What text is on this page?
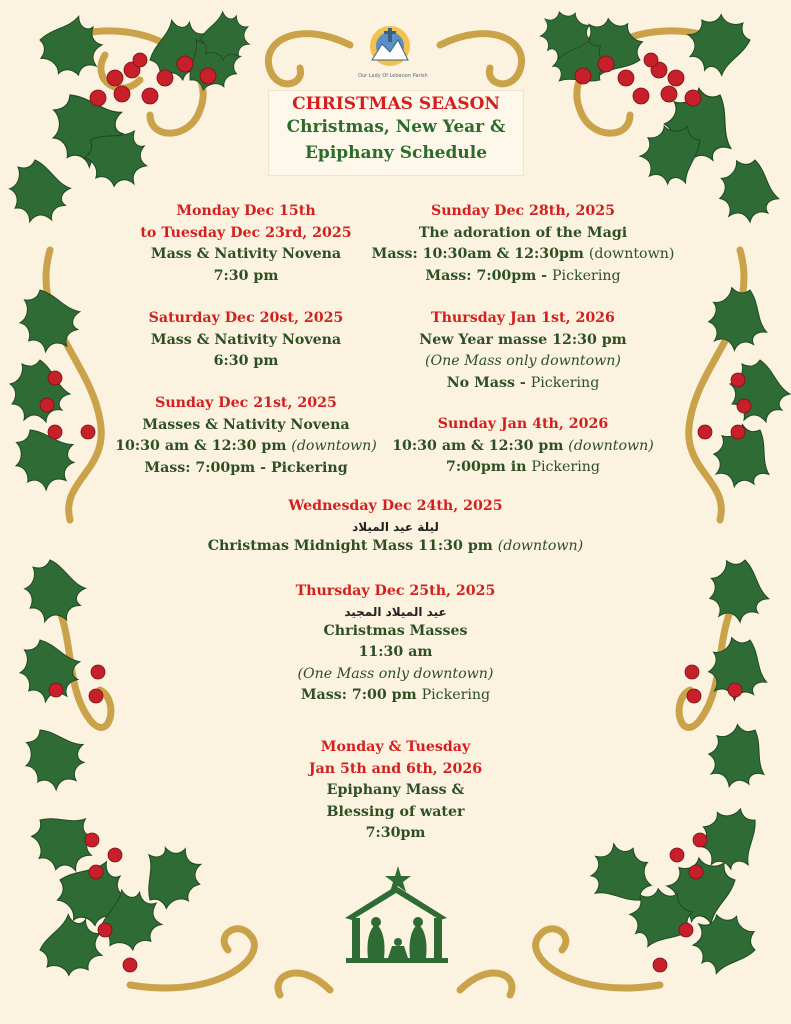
Our Lady Of Lebanon Parish
CHRISTMAS SEASON
Christmas, New Year &
Epiphany Schedule
Monday Dec 15th
to Tuesday Dec 23rd, 2025
Mass & Nativity Novena
7:30 pm
Saturday Dec 20st, 2025
Mass & Nativity Novena
6:30 pm
Sunday Dec 21st, 2025
Masses & Nativity Novena
10:30 am & 12:30 pm (downtown)
Mass: 7:00pm - Pickering
Sunday Dec 28th, 2025
The adoration of the Magi
Mass: 10:30am & 12:30pm (downtown)
Mass: 7:00pm - Pickering
Thursday Jan 1st, 2026
New Year masse 12:30 pm
(One Mass only downtown)
No Mass - Pickering
Sunday Jan 4th, 2026
10:30 am & 12:30 pm (downtown)
7:00pm in Pickering
Wednesday Dec 24th, 2025
ليلة عيد الميلاد
Christmas Midnight Mass 11:30 pm (downtown)
Thursday Dec 25th, 2025
عيد الميلاد المجيد
Christmas Masses
11:30 am
(One Mass only downtown)
Mass: 7:00 pm Pickering
Monday & Tuesday
Jan 5th and 6th, 2026
Epiphany Mass &
Blessing of water
7:30pm
